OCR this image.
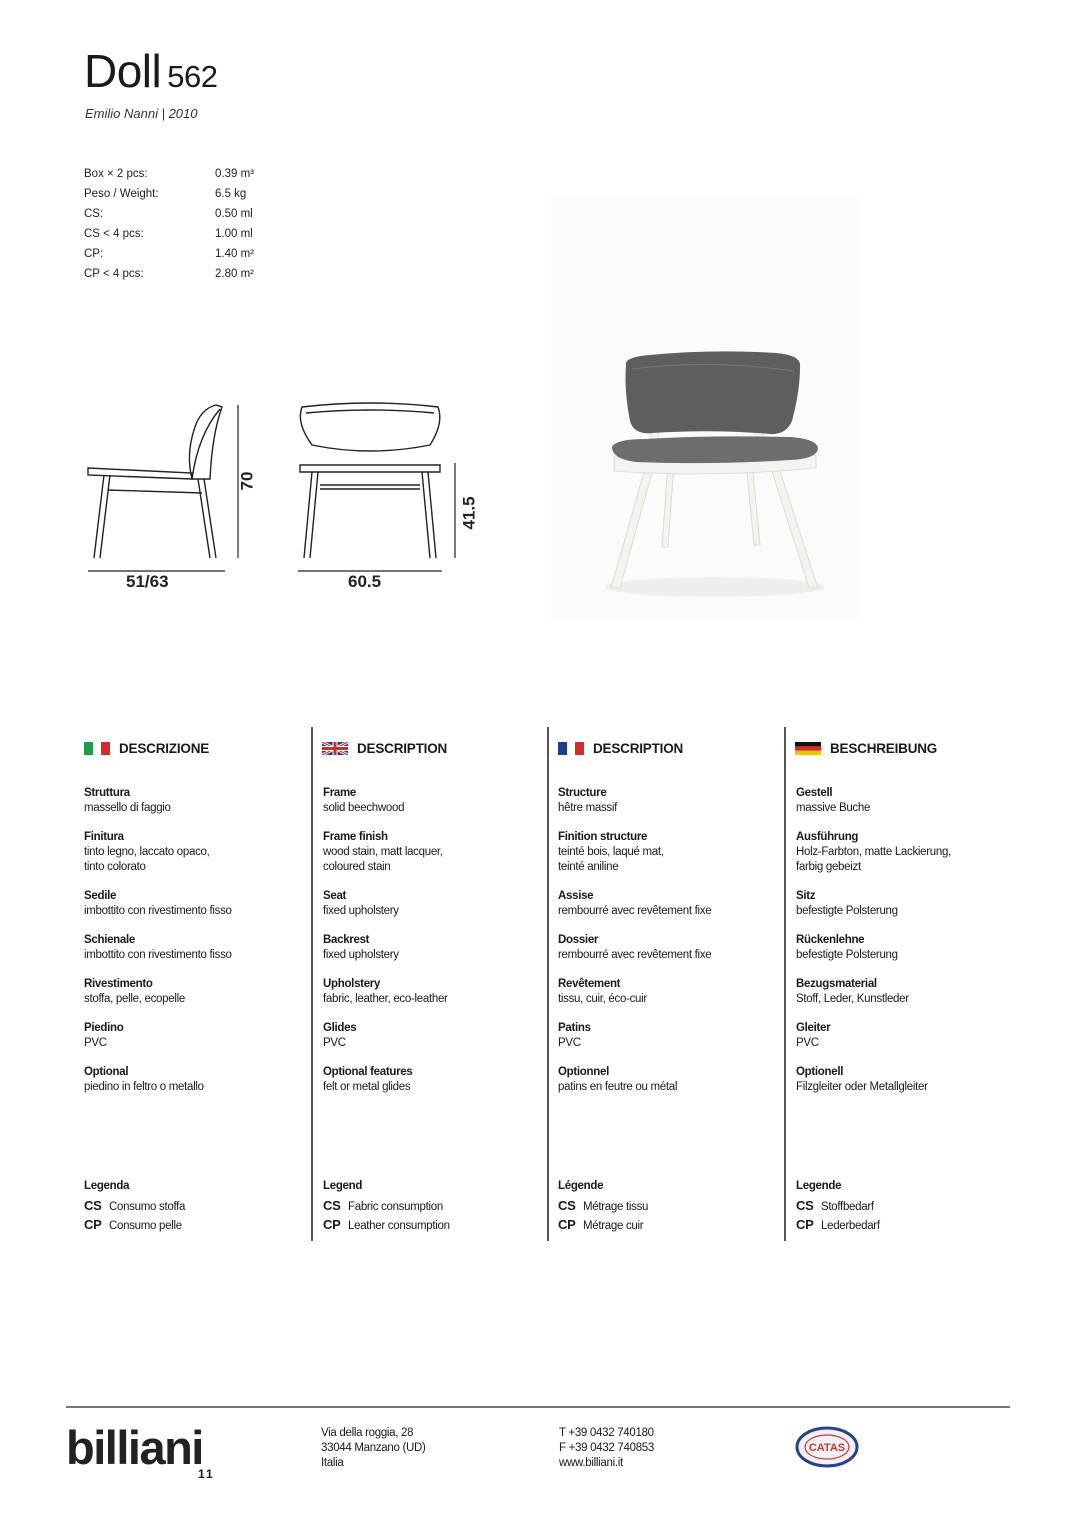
Doll 562
Emilio Nanni | 2010
Box × 2 pcs:	0.39 m³
Peso / Weight:	6.5 kg
CS:	0.50 ml
CS < 4 pcs:	1.00 ml
CP:	1.40 m²
CP < 4 pcs:	2.80 m²
70
51/63	60.5
41.5
DESCRIZIONE
Struttura
massello di faggio
Finitura
tinto legno, laccato opaco,
tinto colorato
Sedile
imbottito con rivestimento fisso
Schienale
imbottito con rivestimento fisso
Rivestimento
stoffa, pelle, ecopelle
Piedino
PVC
Optional
piedino in feltro o metallo
Legenda
CS Consumo stoffa
CP Consumo pelle
DESCRIPTION
Frame
solid beechwood
Frame finish
wood stain, matt lacquer,
coloured stain
Seat
fixed upholstery
Backrest
fixed upholstery
Upholstery
fabric, leather, eco-leather
Glides
PVC
Optional features
felt or metal glides
Legend
CS Fabric consumption
CP Leather consumption
DESCRIPTION
Structure
hêtre massif
Finition structure
teinté bois, laqué mat,
teinté aniline
Assise
rembourré avec revêtement fixe
Dossier
rembourré avec revêtement fixe
Revêtement
tissu, cuir, éco-cuir
Patins
PVC
Optionnel
patins en feutre ou métal
Légende
CS Métrage tissu
CP Métrage cuir
BESCHREIBUNG
Gestell
massive Buche
Ausführung
Holz-Farbton, matte Lackierung,
farbig gebeizt
Sitz
befestigte Polsterung
Rückenlehne
befestigte Polsterung
Bezugsmaterial
Stoff, Leder, Kunstleder
Gleiter
PVC
Optionell
Filzgleiter oder Metallgleiter
Legende
CS Stoffbedarf
CP Lederbedarf
billiani
11
Via della roggia, 28
33044 Manzano (UD)
Italia
T +39 0432 740180
F +39 0432 740853
www.billiani.it
CATAS
